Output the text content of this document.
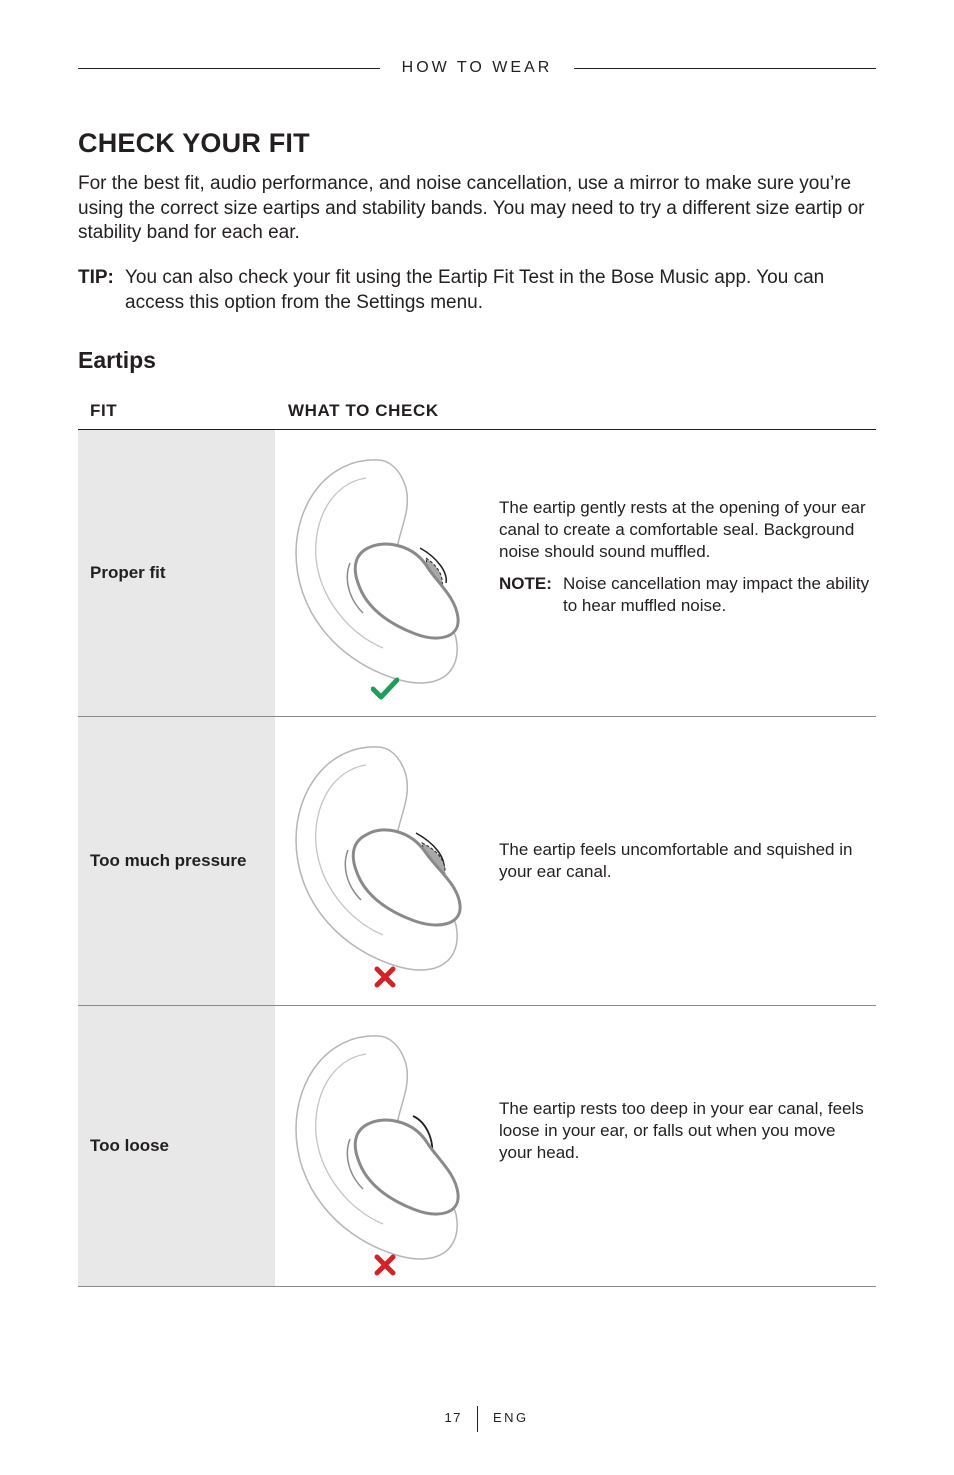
HOW TO WEAR
CHECK YOUR FIT

For the best fit, audio performance, and noise cancellation, use a mirror to make sure you’re using the correct size eartips and stability bands. You may need to try a different size eartip or stability band for each ear.

TIP: You can also check your fit using the Eartip Fit Test in the Bose Music app. You can access this option from the Settings menu.
Eartips
FIT	WHAT TO CHECK
Proper fit
The eartip gently rests at the opening of your ear canal to create a comfortable seal. Background noise should sound muffled.
NOTE: Noise cancellation may impact the ability to hear muffled noise.
Too much pressure
The eartip feels uncomfortable and squished in your ear canal.
Too loose
The eartip rests too deep in your ear canal, feels loose in your ear, or falls out when you move your head.
17 ENG
